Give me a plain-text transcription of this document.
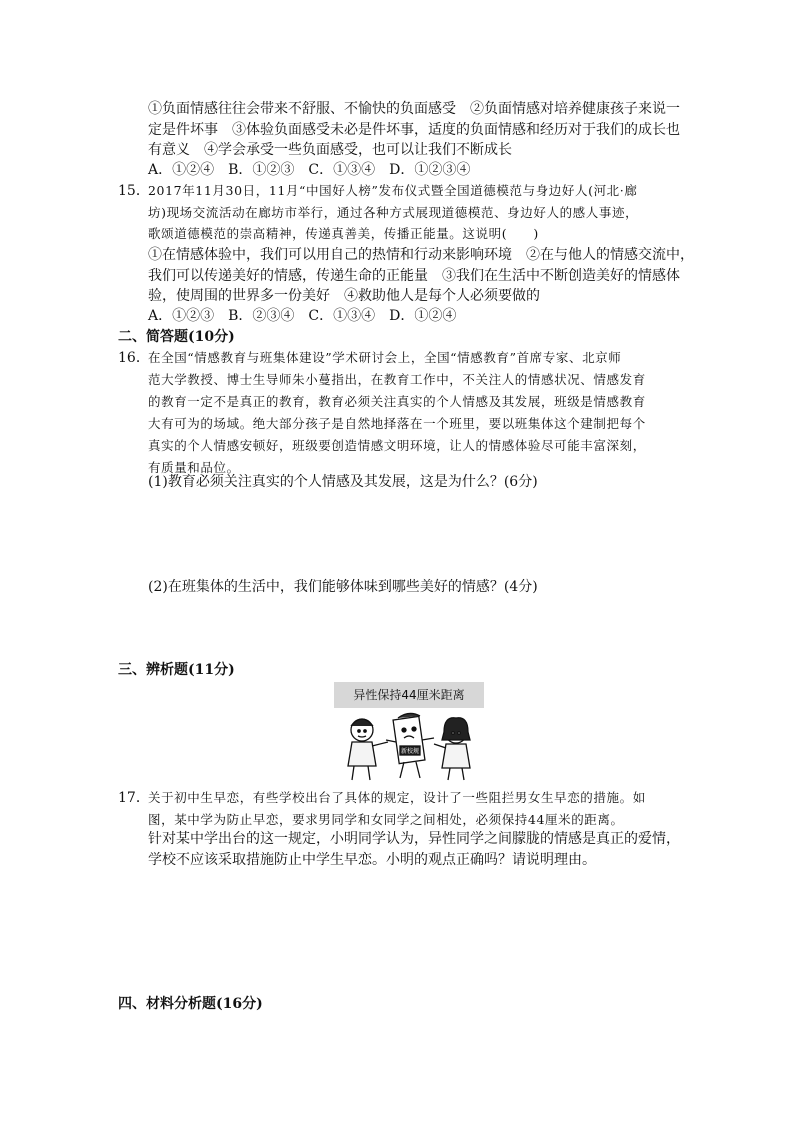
①负面情感往往会带来不舒服、不愉快的负面感受　②负面情感对培养健康孩子来说一
定是件坏事　③体验负面感受未必是件坏事，适度的负面情感和经历对于我们的成长也
有意义　④学会承受一些负面感受，也可以让我们不断成长
A．①②④　B．①②③　C．①③④　D．①②③④
15．
2017年11月30日，11月“中国好人榜”发布仪式暨全国道德模范与身边好人(河北·廊
坊)现场交流活动在廊坊市举行，通过各种方式展现道德模范、身边好人的感人事迹，
歌颂道德模范的崇高精神，传递真善美，传播正能量。这说明(　　)
①在情感体验中，我们可以用自己的热情和行动来影响环境　②在与他人的情感交流中，
我们可以传递美好的情感，传递生命的正能量　③我们在生活中不断创造美好的情感体
验，使周围的世界多一份美好　④救助他人是每个人必须要做的
A．①②③　B．②③④　C．①③④　D．①②④
二、简答题(10分)
16．
在全国“情感教育与班集体建设”学术研讨会上，全国“情感教育”首席专家、北京师
范大学教授、博士生导师朱小蔓指出，在教育工作中，不关注人的情感状况、情感发育
的教育一定不是真正的教育，教育必须关注真实的个人情感及其发展，班级是情感教育
大有可为的场域。绝大部分孩子是自然地择落在一个班里，要以班集体这个建制把每个
真实的个人情感安顿好，班级要创造情感文明环境，让人的情感体验尽可能丰富深刻，
有质量和品位。
(1)教育必须关注真实的个人情感及其发展，这是为什么？(6分)
(2)在班集体的生活中，我们能够体味到哪些美好的情感？(4分)
三、辨析题(11分)
异性保持44厘米距离
新校规
17．
关于初中生早恋，有些学校出台了具体的规定，设计了一些阻拦男女生早恋的措施。如
图，某中学为防止早恋，要求男同学和女同学之间相处，必须保持44厘米的距离。
针对某中学出台的这一规定，小明同学认为，异性同学之间朦胧的情感是真正的爱情，
学校不应该采取措施防止中学生早恋。小明的观点正确吗？请说明理由。
四、材料分析题(16分)
